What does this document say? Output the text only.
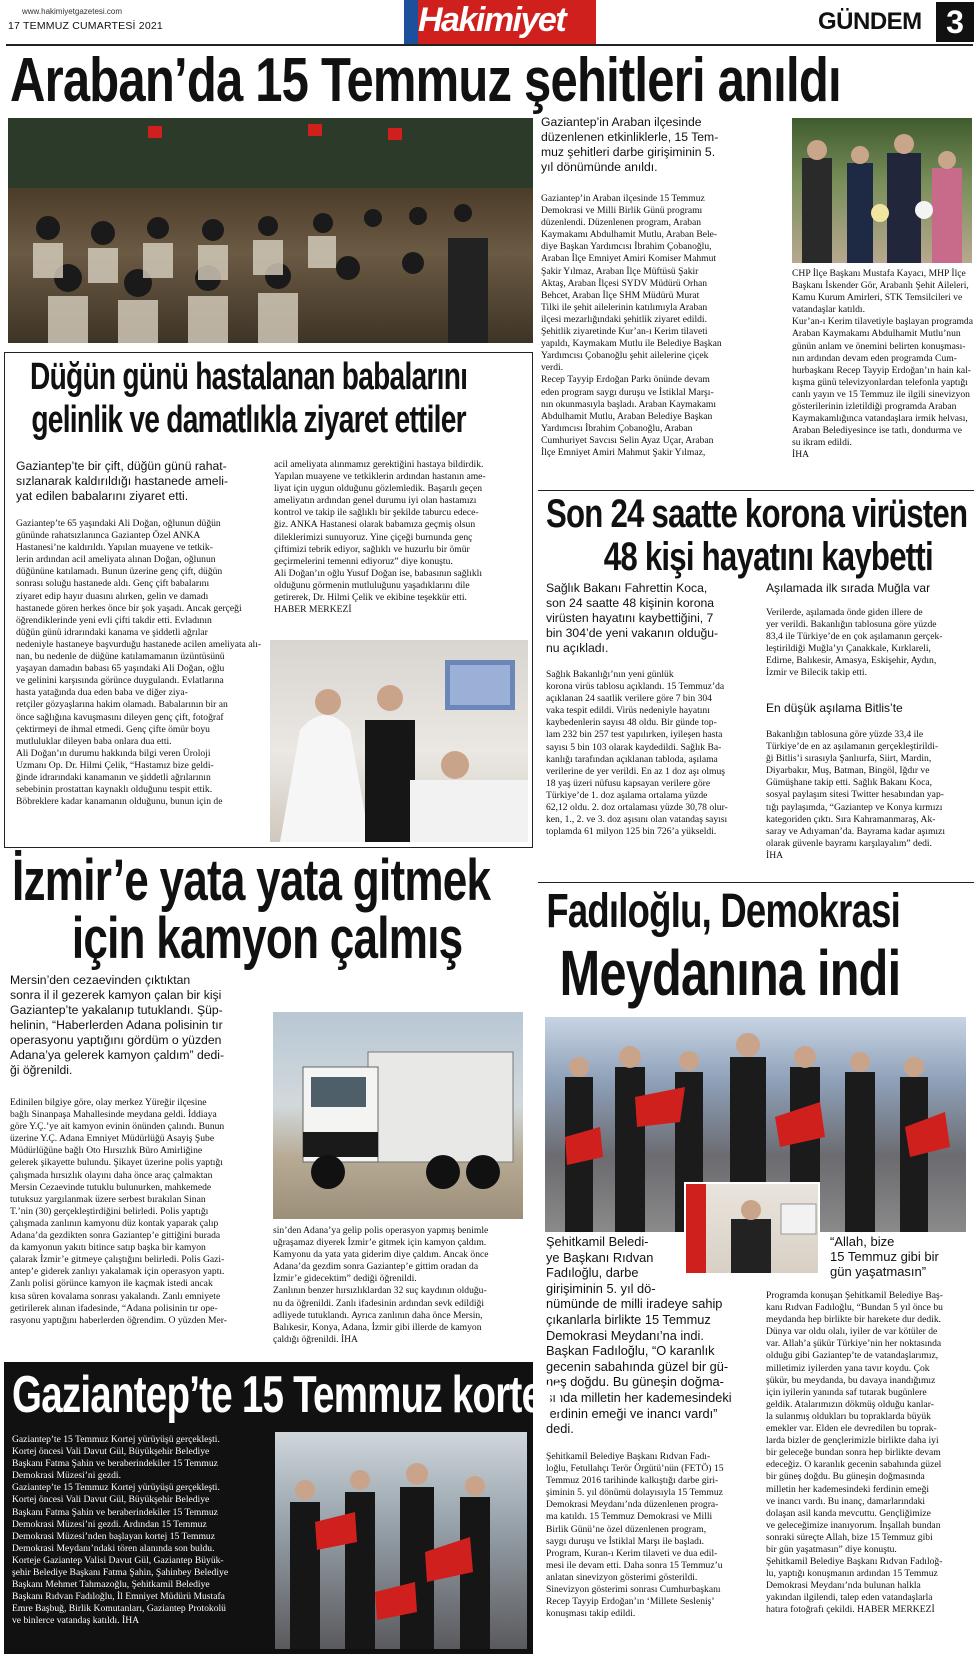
www.hakimiyetgazetesi.com
17 TEMMUZ CUMARTESİ 2021	Hakimiyet	GÜNDEM 3
Araban’da 15 Temmuz şehitleri anıldı
Gaziantep’in Araban ilçesinde
düzenlenen etkinliklerle, 15 Tem-
muz şehitleri darbe girişiminin 5.
yıl dönümünde anıldı.
Gaziantep’in Araban ilçesinde 15 Temmuz
Demokrasi ve Milli Birlik Günü programı
düzenlendi. Düzenlenen program, Araban
Kaymakamı Abdulhamit Mutlu, Araban Bele-
diye Başkan Yardımcısı İbrahim Çobanoğlu,
Araban İlçe Emniyet Amiri Komiser Mahmut
Şakir Yılmaz, Araban İlçe Müftüsü Şakir
Aktaş, Araban İlçesi SYDV Müdürü Orhan
Behcet, Araban İlçe SHM Müdürü Murat
Tilki ile şehit ailelerinin katılımıyla Araban
ilçesi mezarlığındaki şehitlik ziyaret edildi.
Şehitlik ziyaretinde Kur’an-ı Kerim tilaveti
yapıldı, Kaymakam Mutlu ile Belediye Başkan
Yardımcısı Çobanoğlu şehit ailelerine çiçek
verdi.
Recep Tayyip Erdoğan Parkı önünde devam
eden program saygı duruşu ve İstiklal Marşı-
nın okunmasıyla başladı. Araban Kaymakamı
Abdulhamit Mutlu, Araban Belediye Başkan
Yardımcısı İbrahim Çobanoğlu, Araban
Cumhuriyet Savcısı Selin Ayaz Uçar, Araban
İlçe Emniyet Amiri Mahmut Şakir Yılmaz,
CHP İlçe Başkanı Mustafa Kayacı, MHP İlçe
Başkanı İskender Gör, Arabanlı Şehit Aileleri,
Kamu Kurum Amirleri, STK Temsilcileri ve
vatandaşlar katıldı.
Kur’an-ı Kerim tilavetiyle başlayan programda
Araban Kaymakamı Abdulhamit Mutlu’nun
günün anlam ve önemini belirten konuşması-
nın ardından devam eden programda Cum-
hurbaşkanı Recep Tayyip Erdoğan’ın hain kal-
kışma günü televizyonlardan telefonla yaptığı
canlı yayın ve 15 Temmuz ile ilgili sinevizyon
gösterilerinin izletildiği programda Araban
Kaymakamlığınca vatandaşlara irmik helvası,
Araban Belediyesince ise tatlı, dondurma ve
su ikram edildi.
İHA
Düğün günü hastalanan babalarını
gelinlik ve damatlıkla ziyaret ettiler
Gaziantep’te bir çift, düğün günü rahat-
sızlanarak kaldırıldığı hastanede ameli-
yat edilen babalarını ziyaret etti.
Gaziantep’te 65 yaşındaki Ali Doğan, oğlunun düğün
gününde rahatsızlanınca Gaziantep Özel ANKA
Hastanesi’ne kaldırıldı. Yapılan muayene ve tetkik-
lerin ardından acil ameliyata alınan Doğan, oğlunun
düğününe katılamadı. Bunun üzerine genç çift, düğün
sonrası soluğu hastanede aldı. Genç çift babalarını
ziyaret edip hayır duasını alırken, gelin ve damadı
hastanede gören herkes önce bir şok yaşadı. Ancak gerçeği
öğrendiklerinde yeni evli çifti takdir etti. Evladının
düğün günü idrarındaki kanama ve şiddetli ağrılar
nedeniyle hastaneye başvurduğu hastanede acilen ameliyata alı-
nan, bu nedenle de düğüne katılamamanın üzüntüsünü
yaşayan damadın babası 65 yaşındaki Ali Doğan, oğlu
ve gelinini karşısında görünce duygulandı. Evlatlarına
hasta yatağında dua eden baba ve diğer ziya-
retçiler gözyaşlarına hakim olamadı. Babalarının bir an
önce sağlığına kavuşmasını dileyen genç çift, fotoğraf
çektirmeyi de ihmal etmedi. Genç çifte ömür boyu
mutluluklar dileyen baba onlara dua etti.
Ali Doğan’ın durumu hakkında bilgi veren Üroloji
Uzmanı Op. Dr. Hilmi Çelik, “Hastamız bize geldi-
ğinde idrarındaki kanamanın ve şiddetli ağrılarının
sebebinin prostattan kaynaklı olduğunu tespit ettik.
Böbreklere kadar kanamanın olduğunu, bunun için de
acil ameliyata alınmamız gerektiğini hastaya bildirdik.
Yapılan muayene ve tetkiklerin ardından hastanın ame-
liyat için uygun olduğunu gözlemledik. Başarılı geçen
ameliyatın ardından genel durumu iyi olan hastamızı
kontrol ve takip ile sağlıklı bir şekilde taburcu edece-
ğiz. ANKA Hastanesi olarak babamıza geçmiş olsun
dileklerimizi sunuyoruz. Yine çiçeği burnunda genç
çiftimizi tebrik ediyor, sağlıklı ve huzurlu bir ömür
geçirmelerini temenni ediyoruz” diye konuştu.
Ali Doğan’ın oğlu Yusuf Doğan ise, babasının sağlıklı
olduğunu görmenin mutluluğunu yaşadıklarını dile
getirerek, Dr. Hilmi Çelik ve ekibine teşekkür etti.
HABER MERKEZİ
Son 24 saatte korona virüsten
48 kişi hayatını kaybetti
Sağlık Bakanı Fahrettin Koca,
son 24 saatte 48 kişinin korona
virüsten hayatını kaybettiğini, 7
bin 304’de yeni vakanın olduğu-
nu açıkladı.
Sağlık Bakanlığı’nın yeni günlük
korona virüs tablosu açıklandı. 15 Temmuz’da
açıklanan 24 saatlik verilere göre 7 bin 304
vaka tespit edildi. Virüs nedeniyle hayatını
kaybedenlerin sayısı 48 oldu. Bir günde top-
lam 232 bin 257 test yapılırken, iyileşen hasta
sayısı 5 bin 103 olarak kaydedildi. Sağlık Ba-
kanlığı tarafından açıklanan tabloda, aşılama
verilerine de yer verildi. En az 1 doz aşı olmuş
18 yaş üzeri nüfusu kapsayan verilere göre
Türkiye’de 1. doz aşılama ortalama yüzde
62,12 oldu. 2. doz ortalaması yüzde 30,78 olur-
ken, 1., 2. ve 3. doz aşısını olan vatandaş sayısı
toplamda 61 milyon 125 bin 726’a yükseldi.
Aşılamada ilk sırada Muğla var
Verilerde, aşılamada önde giden illere de
yer verildi. Bakanlığın tablosuna göre yüzde
83,4 ile Türkiye’de en çok aşılamanın gerçek-
leştirildiği Muğla’yı Çanakkale, Kırklareli,
Edirne, Balıkesir, Amasya, Eskişehir, Aydın,
İzmir ve Bilecik takip etti.
En düşük aşılama Bitlis’te
Bakanlığın tablosuna göre yüzde 33,4 ile
Türkiye’de en az aşılamanın gerçekleştirildi-
ği Bitlis’i sırasıyla Şanlıurfa, Siirt, Mardin,
Diyarbakır, Muş, Batman, Bingöl, Iğdır ve
Gümüşhane takip etti. Sağlık Bakanı Koca,
sosyal paylaşım sitesi Twitter hesabından yap-
tığı paylaşımda, “Gaziantep ve Konya kırmızı
kategoriden çıktı. Sıra Kahramanmaraş, Ak-
saray ve Adıyaman’da. Bayrama kadar aşımızı
olarak güvenle bayramı karşılayalım” dedi.
İHA
İzmir’e yata yata gitmek
için kamyon çalmış
Mersin’den cezaevinden çıktıktan
sonra il il gezerek kamyon çalan bir kişi
Gaziantep’te yakalanıp tutuklandı. Şüp-
helinin, “Haberlerden Adana polisinin tır
operasyonu yaptığını gördüm o yüzden
Adana’ya gelerek kamyon çaldım” dedi-
ği öğrenildi.
Edinilen bilgiye göre, olay merkez Yüreğir ilçesine
bağlı Sinanpaşa Mahallesinde meydana geldi. İddiaya
göre Y.Ç.’ye ait kamyon evinin önünden çalındı. Bunun
üzerine Y.Ç. Adana Emniyet Müdürlüğü Asayiş Şube
Müdürlüğüne bağlı Oto Hırsızlık Büro Amirliğine
gelerek şikayette bulundu. Şikayet üzerine polis yaptığı
çalışmada hırsızlık olayını daha önce araç çalmaktan
Mersin Cezaevinde tutuklu bulunurken, mahkemede
tutuksuz yargılanmak üzere serbest bırakılan Sinan
T.’nin (30) gerçekleştirdiğini belirledi. Polis yaptığı
çalışmada zanlının kamyonu düz kontak yaparak çalıp
Adana’da gezdikten sonra Gaziantep’e gittiğini burada
da kamyonun yakıtı bitince satıp başka bir kamyon
çalarak İzmir’e gitmeye çalıştığını belirledi. Polis Gazi-
antep’e giderek zanlıyı yakalamak için operasyon yaptı.
Zanlı polisi görünce kamyon ile kaçmak istedi ancak
kısa süren kovalama sonrası yakalandı. Zanlı emniyete
getirilerek alınan ifadesinde, “Adana polisinin tır ope-
rasyonu yaptığını haberlerden öğrendim. O yüzden Mer-
sin’den Adana’ya gelip polis operasyon yapmış benimle
uğraşamaz diyerek İzmir’e gitmek için kamyon çaldım.
Kamyonu da yata yata giderim diye çaldım. Ancak önce
Adana’da gezdim sonra Gaziantep’e gittim oradan da
İzmir’e gidecektim” dediği öğrenildi.
Zanlının benzer hırsızlıklardan 32 suç kaydının olduğu-
nu da öğrenildi. Zanlı ifadesinin ardından sevk edildiği
adliyede tutuklandı. Ayrıca zanlının daha önce Mersin,
Balıkesir, Konya, Adana, İzmir gibi illerde de kamyon
çaldığı öğrenildi. İHA
Fadıloğlu, Demokrasi
Meydanına indi
Şehitkamil Beledi-
ye Başkanı Rıdvan
Fadıloğlu, darbe
girişiminin 5. yıl dö-
nümünde de milli iradeye sahip
çıkanlarla birlikte 15 Temmuz
Demokrasi Meydanı’na indi.
Başkan Fadıloğlu, “O karanlık
gecenin sabahında güzel bir gü-
neş doğdu. Bu güneşin doğma-
sında milletin her kademesindeki
ferdinin emeği ve inancı vardı”
dedi.
“Allah, bize
15 Temmuz gibi bir
gün yaşatmasın”
Şehitkamil Belediye Başkanı Rıdvan Fadı-
loğlu, Fetullahçı Terör Örgütü’nün (FETÖ) 15
Temmuz 2016 tarihinde kalkıştığı darbe giri-
şiminin 5. yıl dönümü dolayısıyla 15 Temmuz
Demokrasi Meydanı’nda düzenlenen progra-
ma katıldı. 15 Temmuz Demokrasi ve Milli
Birlik Günü’ne özel düzenlenen program,
saygı duruşu ve İstiklal Marşı ile başladı.
Program, Kuran-ı Kerim tilaveti ve dua edil-
mesi ile devam etti. Daha sonra 15 Temmuz’u
anlatan sinevizyon gösterimi gösterildi.
Sinevizyon gösterimi sonrası Cumhurbaşkanı
Recep Tayyip Erdoğan’ın ‘Millete Sesleniş’
konuşması takip edildi.
Programda konuşan Şehitkamil Belediye Baş-
kanı Rıdvan Fadıloğlu, “Bundan 5 yıl önce bu
meydanda hep birlikte bir harekete dur dedik.
Dünya var oldu olalı, iyiler de var kötüler de
var. Allah’a şükür Türkiye’nin her noktasında
olduğu gibi Gaziantep’te de vatandaşlarımız,
milletimiz iyilerden yana tavır koydu. Çok
şükür, bu meydanda, bu davaya inandığımız
için iyilerin yanında saf tutarak bugünlere
geldik. Atalarımızın dökmüş olduğu kanlar-
la sulanmış oldukları bu topraklarda büyük
emekler var. Elden ele devredilen bu toprak-
larda bizler de gençlerimizle birlikte daha iyi
bir geleceğe bundan sonra hep birlikte devam
edeceğiz. O karanlık gecenin sabahında güzel
bir güneş doğdu. Bu güneşin doğmasında
milletin her kademesindeki ferdinin emeği
ve inancı vardı. Bu inanç, damarlarındaki
dolaşan asil kanda mevcuttu. Gençliğimize
ve geleceğimize inanıyorum. İnşallah bundan
sonraki süreçte Allah, bize 15 Temmuz gibi
bir gün yaşatmasın” diye konuştu.
Şehitkamil Belediye Başkanı Rıdvan Fadıloğ-
lu, yaptığı konuşmanın ardından 15 Temmuz
Demokrasi Meydanı’nda bulunan halkla
yakından ilgilendi, talep eden vatandaşlarla
hatıra fotoğrafı çekildi. HABER MERKEZİ
Gaziantep’te 15 Temmuz korteji
Gaziantep’te 15 Temmuz Kortej yürüyüşü gerçekleşti.
Kortej öncesi Vali Davut Gül, Büyükşehir Belediye
Başkanı Fatma Şahin ve beraberindekiler 15 Temmuz
Demokrasi Müzesi’ni gezdi.
Gaziantep’te 15 Temmuz Kortej yürüyüşü gerçekleşti.
Kortej öncesi Vali Davut Gül, Büyükşehir Belediye
Başkanı Fatma Şahin ve beraberindekiler 15 Temmuz
Demokrasi Müzesi’ni gezdi. Ardından 15 Temmuz
Demokrasi Müzesi’nden başlayan kortej 15 Temmuz
Demokrasi Meydanı’ndaki tören alanında son buldu.
Korteje Gaziantep Valisi Davut Gül, Gaziantep Büyük-
şehir Belediye Başkanı Fatma Şahin, Şahinbey Belediye
Başkanı Mehmet Tahmazoğlu, Şehitkamil Belediye
Başkanı Rıdvan Fadıloğlu, İl Emniyet Müdürü Mustafa
Emre Başbuğ, Birlik Komutanları, Gaziantep Protokolü
ve binlerce vatandaş katıldı. İHA
